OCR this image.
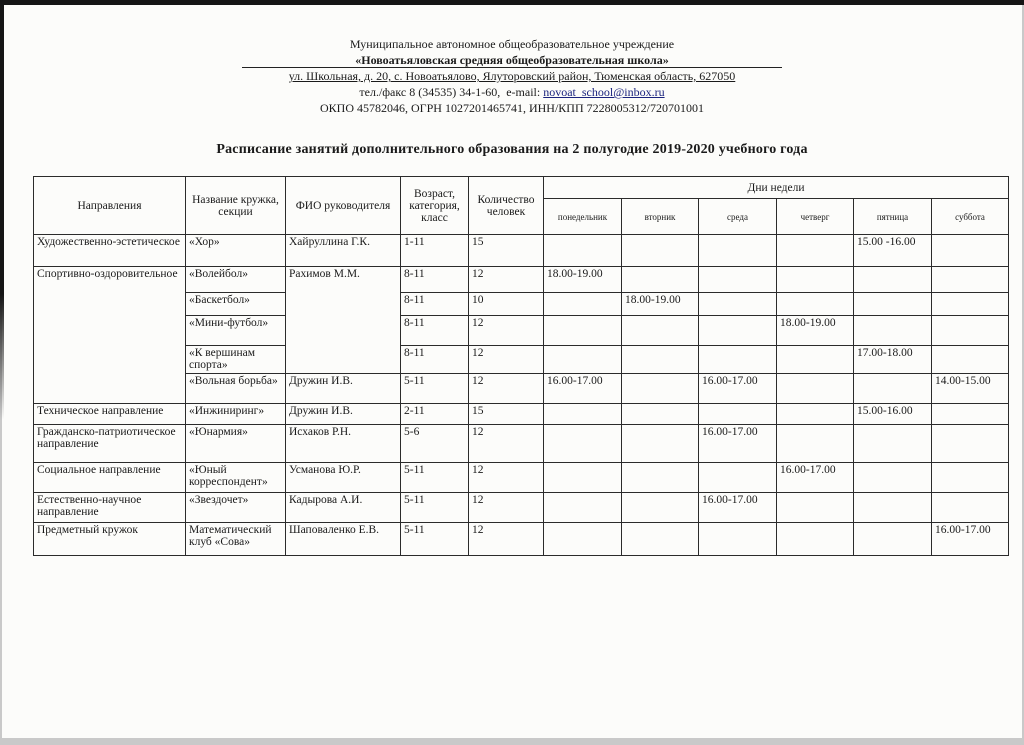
Муниципальное автономное общеобразовательное учреждение
«Новоатьяловская средняя общеобразовательная школа»
ул. Школьная, д. 20, с. Новоатьялово, Ялуторовский район, Тюменская область, 627050
тел./факс 8 (34535) 34-1-60,  e-mail: novoat_school@inbox.ru
ОКПО 45782046, ОГРН 1027201465741, ИНН/КПП 7228005312/720701001
Расписание занятий дополнительного образования на 2 полугодие 2019-2020 учебного года
Направления	Название кружка, секции	ФИО руководителя	Возраст, категория, класс	Количество человек	Дни недели					
					понедельник	вторник	среда	четверг	пятница	суббота
Художественно-эстетическое	«Хор»	Хайруллина Г.К.	1-11	15					15.00 -16.00	
Спортивно-оздоровительное	«Волейбол»	Рахимов М.М.	8-11	12	18.00-19.00					
	«Баскетбол»		8-11	10		18.00-19.00				
	«Мини-футбол»		8-11	12				18.00-19.00		
	«К вершинам спорта»		8-11	12					17.00-18.00	
	«Вольная борьба»	Дружин И.В.	5-11	12	16.00-17.00		16.00-17.00			14.00-15.00
Техническое направление	«Инжиниринг»	Дружин И.В.	2-11	15					15.00-16.00	
Гражданско-патриотическое направление	«Юнармия»	Исхаков Р.Н.	5-6	12			16.00-17.00			
Социальное направление	«Юный корреспондент»	Усманова Ю.Р.	5-11	12				16.00-17.00		
Естественно-научное направление	«Звездочет»	Кадырова А.И.	5-11	12			16.00-17.00			
Предметный кружок	Математический клуб «Сова»	Шаповаленко Е.В.	5-11	12						16.00-17.00
